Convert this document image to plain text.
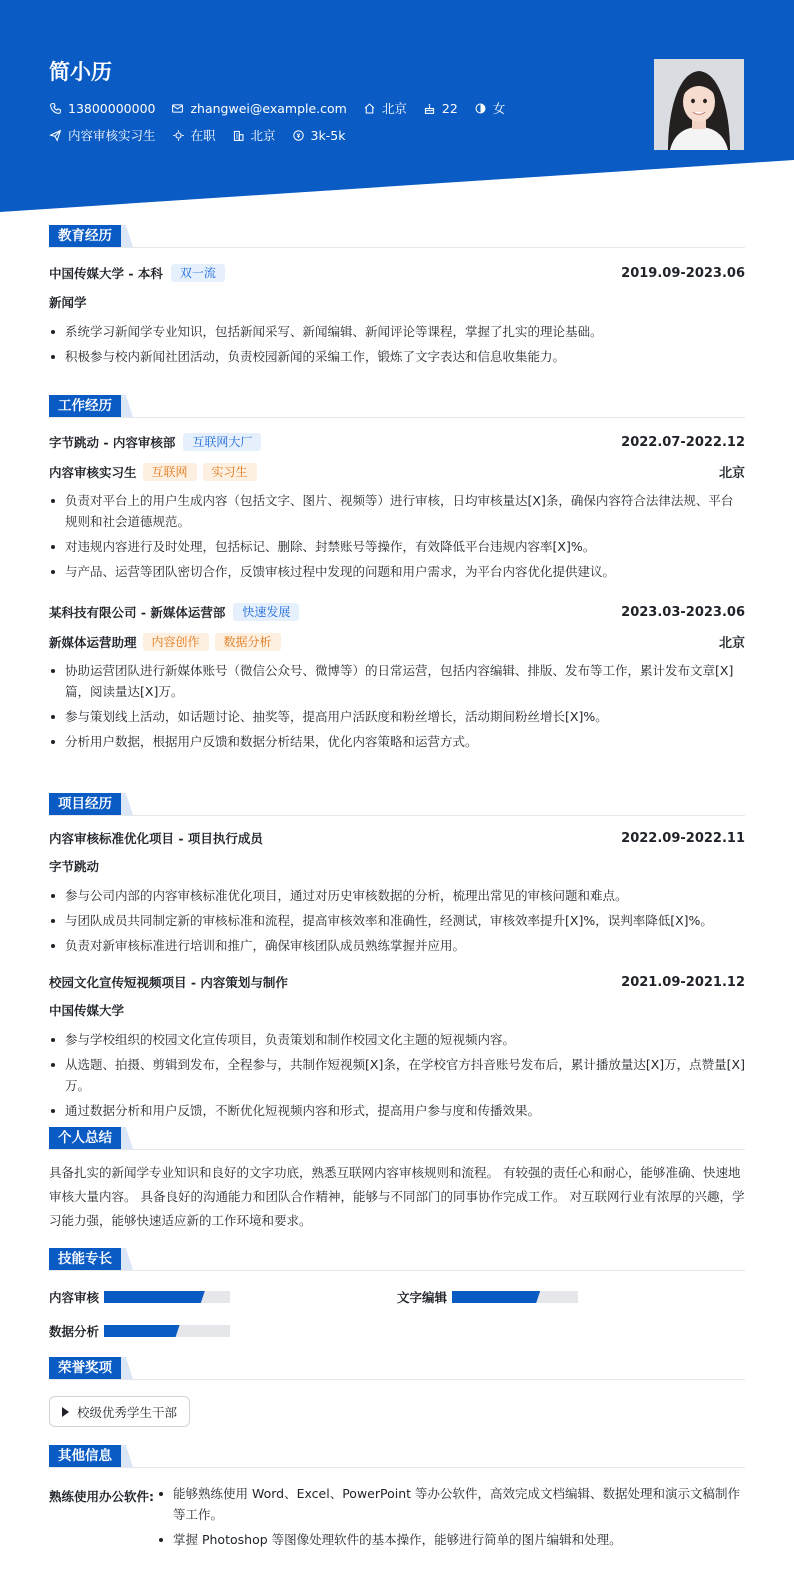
简小历
13800000000	zhangwei@example.com	北京	22	女
内容审核实习生	在职	北京	3k-5k
教育经历
中国传媒大学 - 本科	双一流	2019.09-2023.06
新闻学
系统学习新闻学专业知识，包括新闻采写、新闻编辑、新闻评论等课程，掌握了扎实的理论基础。
积极参与校内新闻社团活动，负责校园新闻的采编工作，锻炼了文字表达和信息收集能力。
工作经历
字节跳动 - 内容审核部	互联网大厂	2022.07-2022.12
内容审核实习生	互联网	实习生	北京
负责对平台上的用户生成内容（包括文字、图片、视频等）进行审核，日均审核量达[X]条，确保内容符合法律法规、平台规则和社会道德规范。
对违规内容进行及时处理，包括标记、删除、封禁账号等操作，有效降低平台违规内容率[X]%。
与产品、运营等团队密切合作，反馈审核过程中发现的问题和用户需求，为平台内容优化提供建议。
某科技有限公司 - 新媒体运营部	快速发展	2023.03-2023.06
新媒体运营助理	内容创作	数据分析	北京
协助运营团队进行新媒体账号（微信公众号、微博等）的日常运营，包括内容编辑、排版、发布等工作，累计发布文章[X]篇，阅读量达[X]万。
参与策划线上活动，如话题讨论、抽奖等，提高用户活跃度和粉丝增长，活动期间粉丝增长[X]%。
分析用户数据，根据用户反馈和数据分析结果，优化内容策略和运营方式。
项目经历
内容审核标准优化项目 - 项目执行成员	2022.09-2022.11
字节跳动
参与公司内部的内容审核标准优化项目，通过对历史审核数据的分析，梳理出常见的审核问题和难点。
与团队成员共同制定新的审核标准和流程，提高审核效率和准确性，经测试，审核效率提升[X]%，误判率降低[X]%。
负责对新审核标准进行培训和推广，确保审核团队成员熟练掌握并应用。
校园文化宣传短视频项目 - 内容策划与制作	2021.09-2021.12
中国传媒大学
参与学校组织的校园文化宣传项目，负责策划和制作校园文化主题的短视频内容。
从选题、拍摄、剪辑到发布，全程参与，共制作短视频[X]条，在学校官方抖音账号发布后，累计播放量达[X]万，点赞量[X]万。
通过数据分析和用户反馈，不断优化短视频内容和形式，提高用户参与度和传播效果。
个人总结
具备扎实的新闻学专业知识和良好的文字功底，熟悉互联网内容审核规则和流程。 有较强的责任心和耐心，能够准确、快速地审核大量内容。 具备良好的沟通能力和团队合作精神，能够与不同部门的同事协作完成工作。 对互联网行业有浓厚的兴趣，学习能力强，能够快速适应新的工作环境和要求。
技能专长
内容审核	文字编辑
数据分析
荣誉奖项
校级优秀学生干部
其他信息
熟练使用办公软件:	能够熟练使用 Word、Excel、PowerPoint 等办公软件，高效完成文档编辑、数据处理和演示文稿制作等工作。
掌握 Photoshop 等图像处理软件的基本操作，能够进行简单的图片编辑和处理。
